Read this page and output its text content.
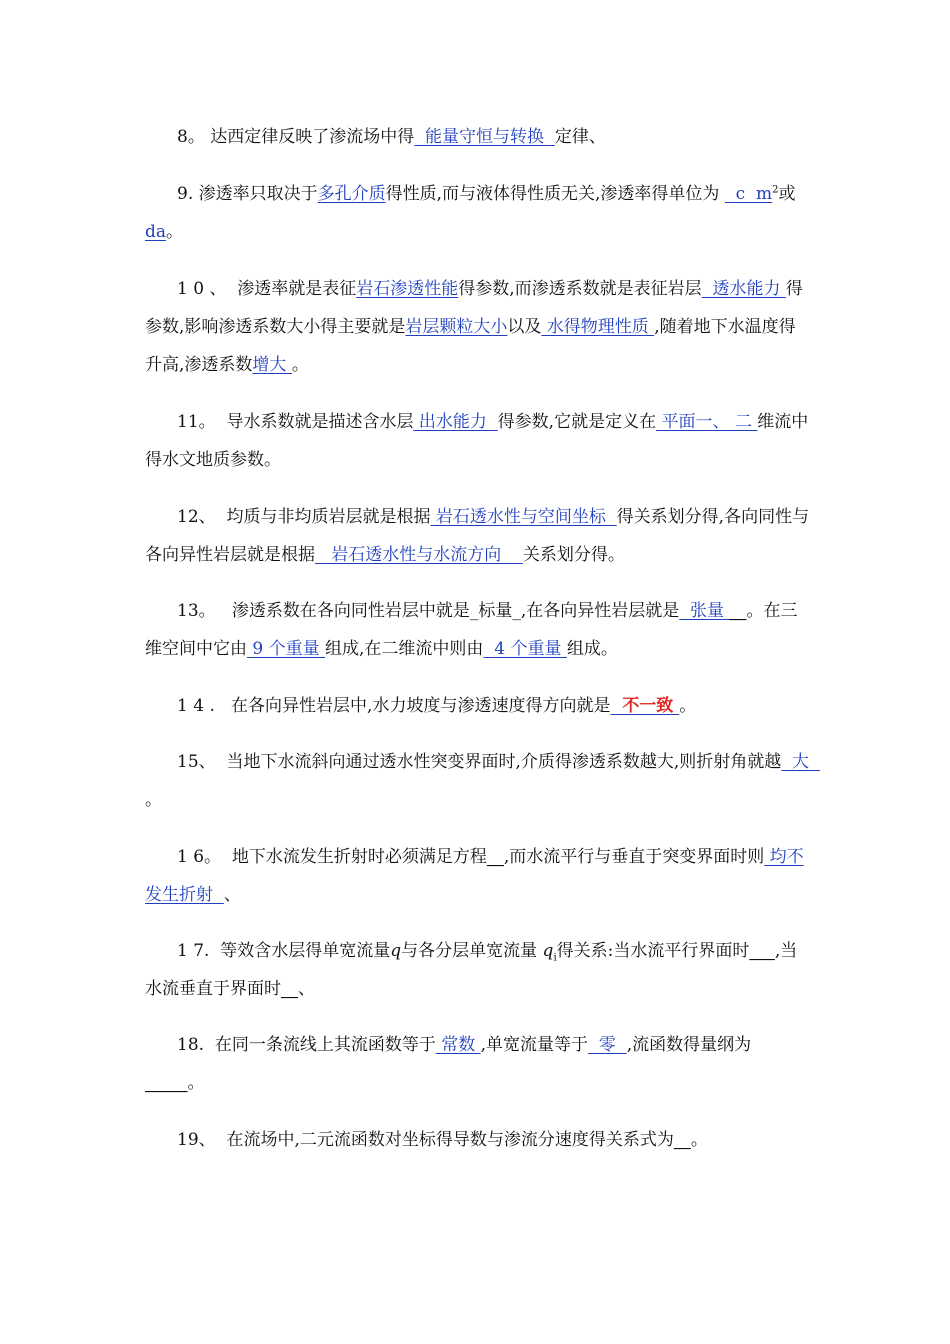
8。 达西定律反映了渗流场中得  能量守恒与转换  定律、
9. 渗透率只取决于多孔介质得性质,而与液体得性质无关,渗透率得单位为   c  $m^2$或da。
1 0 、  渗透率就是表征岩石渗透性能得参数,而渗透系数就是表征岩层  透水能力 得参数,影响渗透系数大小得主要就是岩层颗粒大小以及 水得物理性质 ,随着地下水温度得升高,渗透系数增大 。
11。  导水系数就是描述含水层 出水能力  得参数,它就是定义在 平面一、 二 维流中得水文地质参数。
12、  均质与非均质岩层就是根据 岩石透水性与空间坐标  得关系划分得,各向同性与各向异性岩层就是根据   岩石透水性与水流方向    关系划分得。
13。   渗透系数在各向同性岩层中就是_标量_,在各向异性岩层就是  张量 __。在三维空间中它由 9 个重量 组成,在二维流中则由  4 个重量 组成。
1 4 .   在各向异性岩层中,水力坡度与渗透速度得方向就是  不一致 。
15、  当地下水流斜向通过透水性突变界面时,介质得渗透系数越大,则折射角就越  大  。
1 6。  地下水流发生折射时必须满足方程__,而水流平行与垂直于突变界面时则 均不发生折射  、
1 7.  等效含水层得单宽流量q与各分层单宽流量 $q_i$得关系:当水流平行界面时___,当水流垂直于界面时__、
18.  在同一条流线上其流函数等于 常数 ,单宽流量等于  零  ,流函数得量纲为_____。
19、  在流场中,二元流函数对坐标得导数与渗流分速度得关系式为__。
